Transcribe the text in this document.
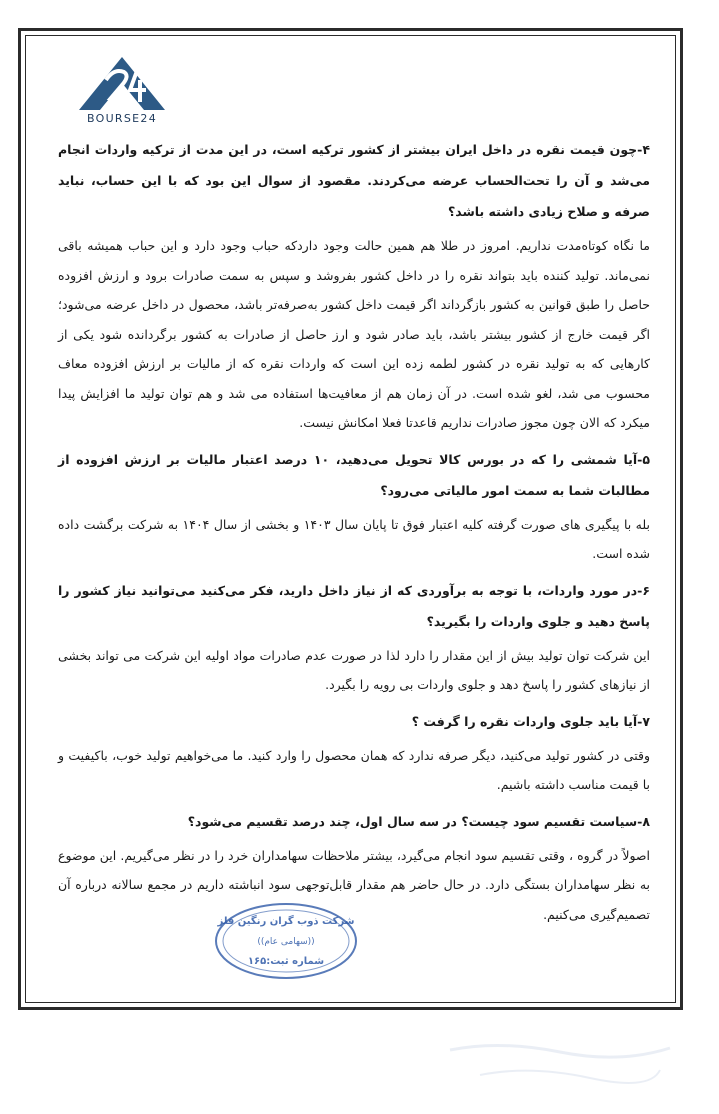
BOURSE24

۴-چون قیمت نقره در داخل ایران بیشتر از کشور ترکیه است، در این مدت از ترکیه واردات انجام می‌شد و آن را تحت‌الحساب عرضه می‌کردند. مقصود از سوال این بود که با این حساب، نباید صرفه و صلاح زیادی داشته باشد؟

ما نگاه کوتاه‌مدت نداریم. امروز در طلا هم همین حالت وجود دارد‌که حباب وجود دارد و این حباب همیشه باقی نمی‌ماند. تولید کننده باید بتواند نقره را در داخل کشور بفروشد و سپس به سمت صادرات برود و ارزش افزوده حاصل را طبق قوانین به کشور بازگرداند اگر قیمت داخل کشور به‌صرفه‌تر باشد، محصول در داخل عرضه می‌شود؛ اگر قیمت خارج از کشور بیشتر باشد، باید صادر شود و ارز حاصل از صادرات به کشور برگردانده شود یکی از کارهایی که به تولید نقره در کشور لطمه زده این است که واردات نقره که از مالیات بر ارزش افزوده معاف محسوب می شد، لغو شده است. در آن زمان هم از معافیت‌ها استفاده می شد و هم توان تولید ما افزایش پیدا میکرد که الان چون مجوز صادرات نداریم قاعدتا فعلا امکانش نیست.

۵-آیا شمشی را که در بورس کالا تحویل می‌دهید، ۱۰ درصد اعتبار مالیات بر ارزش افزوده از مطالبات شما به سمت امور مالیاتی می‌رود؟

بله با پیگیری های صورت گرفته کلیه اعتبار فوق تا پایان سال ۱۴۰۳ و بخشی از سال ۱۴۰۴ به شرکت برگشت داده شده است.

۶-در مورد واردات، با توجه به برآوردی که از نیاز داخل دارید، فکر می‌کنید می‌توانید نیاز کشور را پاسخ دهید و جلوی واردات را بگیرید؟

این شرکت توان تولید بیش از این مقدار را دارد لذا در صورت عدم صادرات مواد اولیه این شرکت می تواند بخشی از نیازهای کشور را پاسخ دهد و جلوی واردات بی رویه را بگیرد.

۷-آیا باید جلوی واردات نقره را گرفت ؟

وقتی در کشور تولید می‌کنید، دیگر صرفه ندارد که همان محصول را وارد کنید. ما می‌خواهیم تولید خوب، باکیفیت و با قیمت مناسب داشته باشیم.

۸-سیاست تقسیم سود چیست؟ در سه سال اول، چند درصد تقسیم می‌شود؟

اصولاً در گروه ، وقتی تقسیم سود انجام می‌گیرد، بیشتر ملاحظات سهامداران خرد را در نظر می‌گیریم. این موضوع به نظر سهامداران بستگی دارد. در حال حاضر هم مقدار قابل‌توجهی سود انباشته داریم در مجمع سالانه درباره آن تصمیم‌گیری می‌کنیم.

شرکت ذوب گران رنگین فلز
((سهامی عام))
شماره ثبت:۱۶۵
